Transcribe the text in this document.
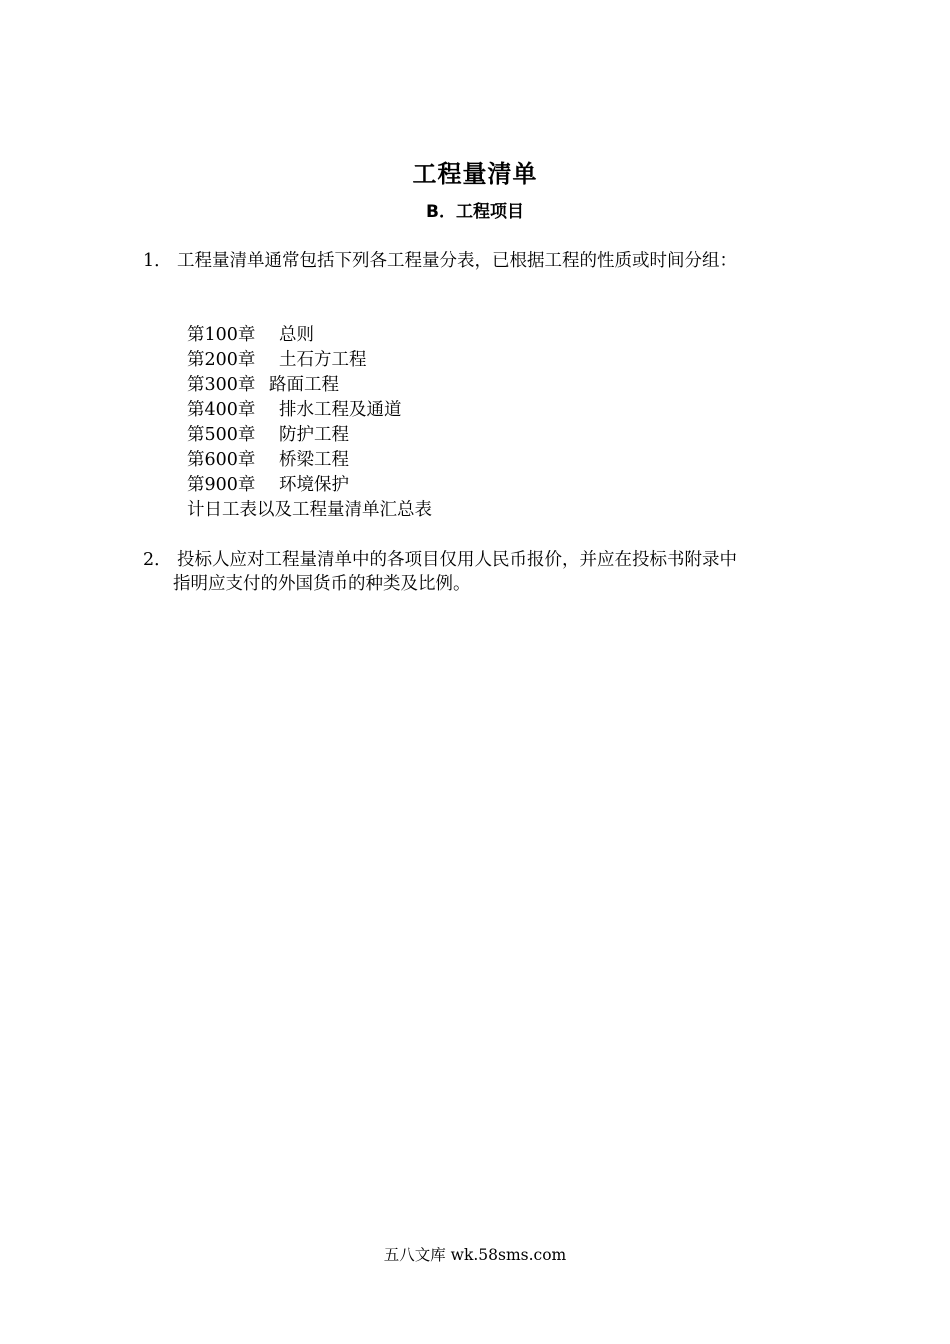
工程量清单
B．工程项目
1． 工程量清单通常包括下列各工程量分表，已根据工程的性质或时间分组：
第100章 总则
第200章 土石方工程
第300章 路面工程
第400章 排水工程及通道
第500章 防护工程
第600章 桥梁工程
第900章 环境保护
计日工表以及工程量清单汇总表
2． 投标人应对工程量清单中的各项目仅用人民币报价，并应在投标书附录中
指明应支付的外国货币的种类及比例。
五八文库 wk.58sms.com
